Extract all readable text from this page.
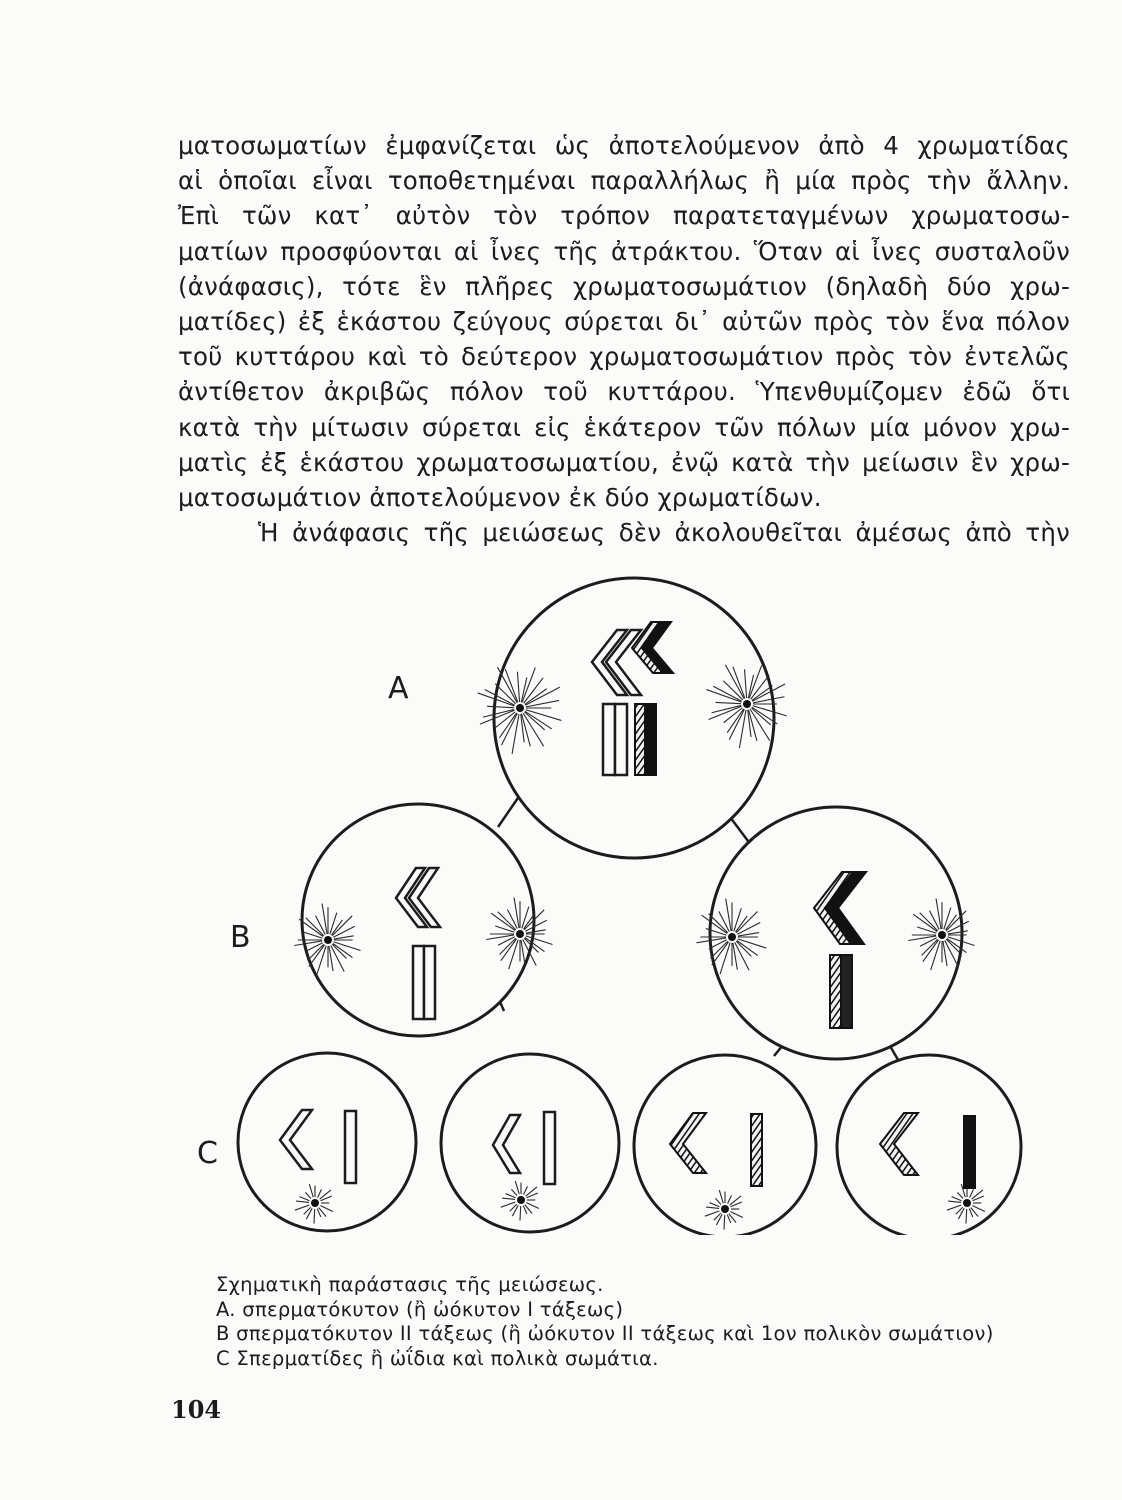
ματοσωματίων ἐμφανίζεται ὡς ἀποτελούμενον ἀπὸ 4 χρωματίδας
αἱ ὁποῖαι εἶναι τοποθετημέναι παραλλήλως ἢ μία πρὸς τὴν ἄλλην.
Ἐπὶ τῶν κατ᾽ αὐτὸν τὸν τρόπον παρατεταγμένων χρωματοσω-
ματίων προσφύονται αἱ ἶνες τῆς ἀτράκτου. Ὅταν αἱ ἶνες συσταλοῦν
(ἀνάφασις), τότε ἓν πλῆρες χρωματοσωμάτιον (δηλαδὴ δύο χρω-
ματίδες) ἐξ ἑκάστου ζεύγους σύρεται δι᾽ αὐτῶν πρὸς τὸν ἕνα πόλον
τοῦ κυττάρου καὶ τὸ δεύτερον χρωματοσωμάτιον πρὸς τὸν ἐντελῶς
ἀντίθετον ἀκριβῶς πόλον τοῦ κυττάρου. Ὑπενθυμίζομεν ἐδῶ ὅτι
κατὰ τὴν μίτωσιν σύρεται εἰς ἑκάτερον τῶν πόλων μία μόνον χρω-
ματὶς ἐξ ἑκάστου χρωματοσωματίου, ἐνῷ κατὰ τὴν μείωσιν ἓν χρω-
ματοσωμάτιον ἀποτελούμενον ἐκ δύο χρωματίδων.
Ἡ ἀνάφασις τῆς μειώσεως δὲν ἀκολουθεῖται ἀμέσως ἀπὸ τὴν
A
B
C
Σχηματικὴ παράστασις τῆς μειώσεως.
A. σπερματόκυτον (ἢ ὠόκυτον I τάξεως)
B σπερματόκυτον II τάξεως (ἢ ὠόκυτον II τάξεως καὶ 1ον πολικὸν σωμάτιον)
C Σπερματίδες ἢ ὠΐδια καὶ πολικὰ σωμάτια.
104
